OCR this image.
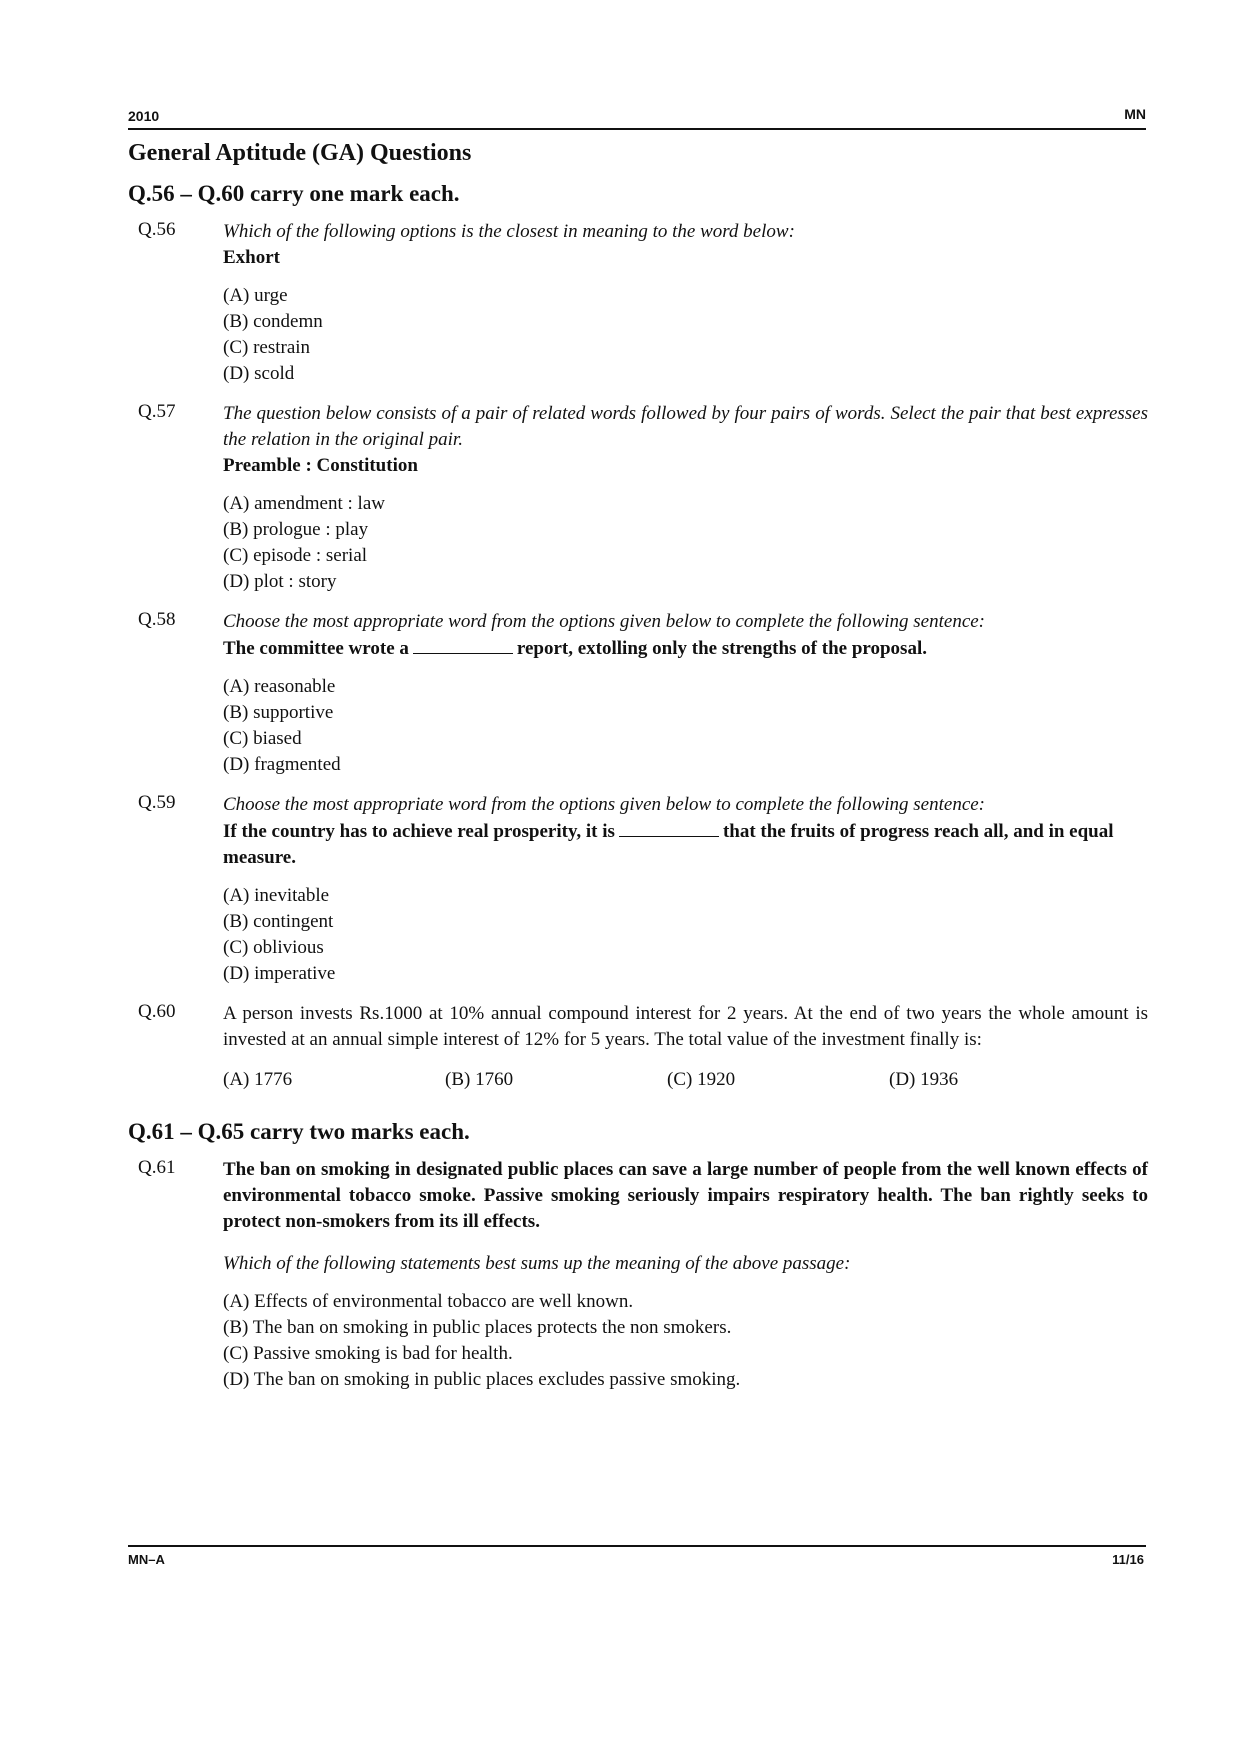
2010	MN
General Aptitude (GA) Questions
Q.56 – Q.60 carry one mark each.
Q.56	Which of the following options is the closest in meaning to the word below:
Exhort
(A) urge
(B) condemn
(C) restrain
(D) scold
Q.57	The question below consists of a pair of related words followed by four pairs of words. Select the pair that best expresses the relation in the original pair.
Preamble : Constitution
(A) amendment : law
(B) prologue : play
(C) episode : serial
(D) plot : story
Q.58	Choose the most appropriate word from the options given below to complete the following sentence:
The committee wrote a	report, extolling only the strengths of the proposal.
(A) reasonable
(B) supportive
(C) biased
(D) fragmented
Q.59	Choose the most appropriate word from the options given below to complete the following sentence:
If the country has to achieve real prosperity, it is	that the fruits of progress reach all, and in equal measure.
(A) inevitable
(B) contingent
(C) oblivious
(D) imperative
Q.60	A person invests Rs.1000 at 10% annual compound interest for 2 years. At the end of two years the whole amount is invested at an annual simple interest of 12% for 5 years. The total value of the investment finally is:
(A) 1776	(B) 1760	(C) 1920	(D) 1936
Q.61 – Q.65 carry two marks each.
Q.61	The ban on smoking in designated public places can save a large number of people from the well known effects of environmental tobacco smoke. Passive smoking seriously impairs respiratory health. The ban rightly seeks to protect non-smokers from its ill effects.
Which of the following statements best sums up the meaning of the above passage:
(A) Effects of environmental tobacco are well known.
(B) The ban on smoking in public places protects the non smokers.
(C) Passive smoking is bad for health.
(D) The ban on smoking in public places excludes passive smoking.
MN–A	11/16
